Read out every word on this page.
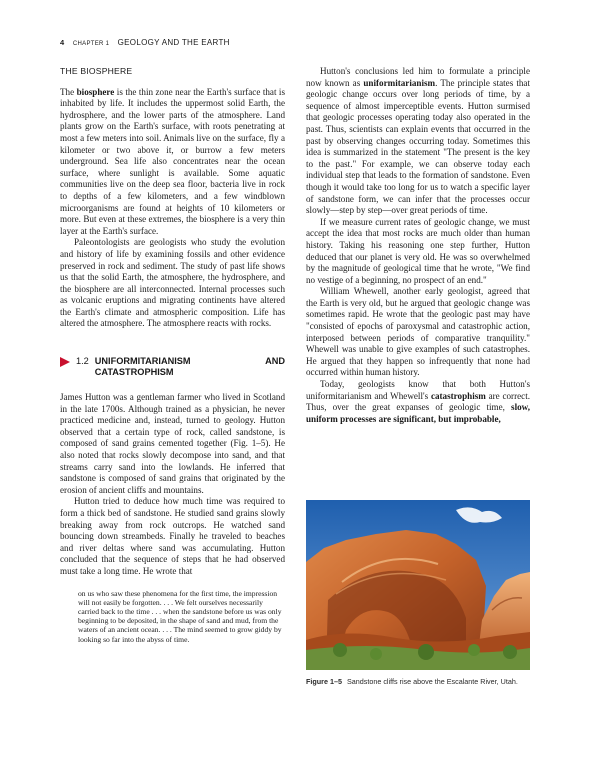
4 CHAPTER 1 GEOLOGY AND THE EARTH
THE BIOSPHERE

The biosphere is the thin zone near the Earth's surface that is inhabited by life. It includes the uppermost solid Earth, the hydrosphere, and the lower parts of the atmosphere. Land plants grow on the Earth's surface, with roots penetrating at most a few meters into soil. Animals live on the surface, fly a kilometer or two above it, or burrow a few meters underground. Sea life also concentrates near the ocean surface, where sunlight is available. Some aquatic communities live on the deep sea floor, bacteria live in rock to depths of a few kilometers, and a few windblown microorganisms are found at heights of 10 kilometers or more. But even at these extremes, the biosphere is a very thin layer at the Earth's surface.

Paleontologists are geologists who study the evolution and history of life by examining fossils and other evidence preserved in rock and sediment. The study of past life shows us that the solid Earth, the atmosphere, the hydrosphere, and the biosphere are all interconnected. Internal processes such as volcanic eruptions and migrating continents have altered the Earth's climate and atmospheric composition. Life has altered the atmosphere. The atmosphere reacts with rocks.

1.2 UNIFORMITARIANISM AND CATASTROPHISM

James Hutton was a gentleman farmer who lived in Scotland in the late 1700s. Although trained as a physician, he never practiced medicine and, instead, turned to geology. Hutton observed that a certain type of rock, called sandstone, is composed of sand grains cemented together (Fig. 1–5). He also noted that rocks slowly decompose into sand, and that streams carry sand into the lowlands. He inferred that sandstone is composed of sand grains that originated by the erosion of ancient cliffs and mountains.

Hutton tried to deduce how much time was required to form a thick bed of sandstone. He studied sand grains slowly breaking away from rock outcrops. He watched sand bouncing down streambeds. Finally he traveled to beaches and river deltas where sand was accumulating. Hutton concluded that the sequence of steps that he had observed must take a long time. He wrote that

on us who saw these phenomena for the first time, the impression will not easily be forgotten. . . . We felt ourselves necessarily carried back to the time . . . when the sandstone before us was only beginning to be deposited, in the shape of sand and mud, from the waters of an ancient ocean. . . . The mind seemed to grow giddy by looking so far into the abyss of time.

Hutton's conclusions led him to formulate a principle now known as uniformitarianism. The principle states that geologic change occurs over long periods of time, by a sequence of almost imperceptible events. Hutton surmised that geologic processes operating today also operated in the past. Thus, scientists can explain events that occurred in the past by observing changes occurring today. Sometimes this idea is summarized in the statement "The present is the key to the past." For example, we can observe today each individual step that leads to the formation of sandstone. Even though it would take too long for us to watch a specific layer of sandstone form, we can infer that the processes occur slowly—step by step—over great periods of time.

If we measure current rates of geologic change, we must accept the idea that most rocks are much older than human history. Taking his reasoning one step further, Hutton deduced that our planet is very old. He was so overwhelmed by the magnitude of geological time that he wrote, "We find no vestige of a beginning, no prospect of an end."

William Whewell, another early geologist, agreed that the Earth is very old, but he argued that geologic change was sometimes rapid. He wrote that the geologic past may have "consisted of epochs of paroxysmal and catastrophic action, interposed between periods of comparative tranquility." Whewell was unable to give examples of such catastrophes. He argued that they happen so infrequently that none had occurred within human history.

Today, geologists know that both Hutton's uniformitarianism and Whewell's catastrophism are correct. Thus, over the great expanses of geologic time, slow, uniform processes are significant, but improbable,

Figure 1–5 Sandstone cliffs rise above the Escalante River, Utah.
